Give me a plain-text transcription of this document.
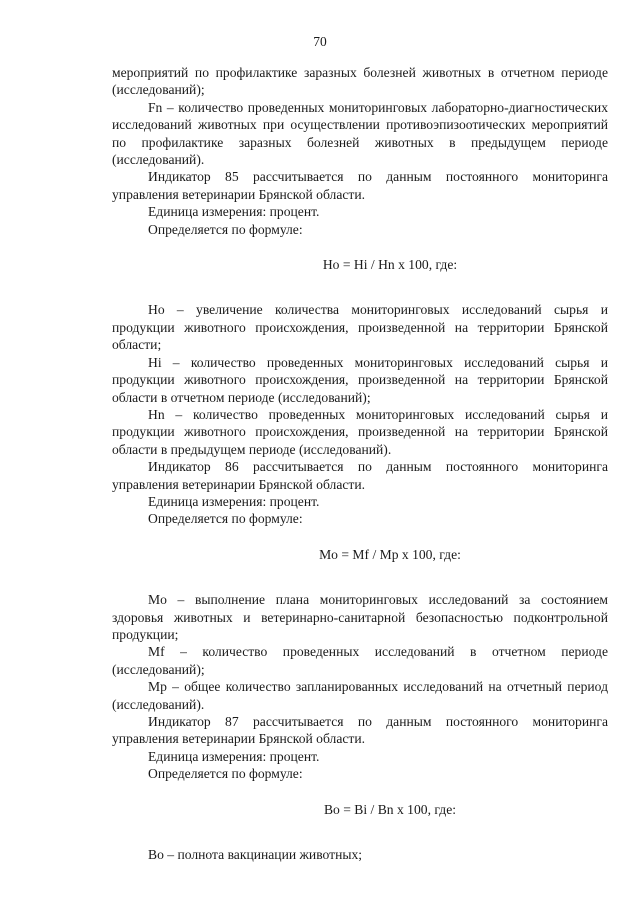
70

мероприятий по профилактике заразных болезней животных в отчетном периоде (исследований);

Fn – количество проведенных мониторинговых лабораторно-диагностических исследований животных при осуществлении противоэпизоотических мероприятий по профилактике заразных болезней животных в предыдущем периоде (исследований).

Индикатор 85 рассчитывается по данным постоянного мониторинга управления ветеринарии Брянской области.

Единица измерения: процент.

Определяется по формуле:

Ho = Hi / Hn x 100, где:

Ho – увеличение количества мониторинговых исследований сырья и продукции животного происхождения, произведенной на территории Брянской области;

Hi – количество проведенных мониторинговых исследований сырья и продукции животного происхождения, произведенной на территории Брянской области в отчетном периоде (исследований);

Hn – количество проведенных мониторинговых исследований сырья и продукции животного происхождения, произведенной на территории Брянской области в предыдущем периоде (исследований).

Индикатор 86 рассчитывается по данным постоянного мониторинга управления ветеринарии Брянской области.

Единица измерения: процент.

Определяется по формуле:

Mo = Mf / Mp x 100, где:

Mo – выполнение плана мониторинговых исследований за состоянием здоровья животных и ветеринарно-санитарной безопасностью подконтрольной продукции;

Mf – количество проведенных исследований в отчетном периоде (исследований);

Mp – общее количество запланированных исследований на отчетный период (исследований).

Индикатор 87 рассчитывается по данным постоянного мониторинга управления ветеринарии Брянской области.

Единица измерения: процент.

Определяется по формуле:

Bo = Bi / Bn x 100, где:

Bo – полнота вакцинации животных;
